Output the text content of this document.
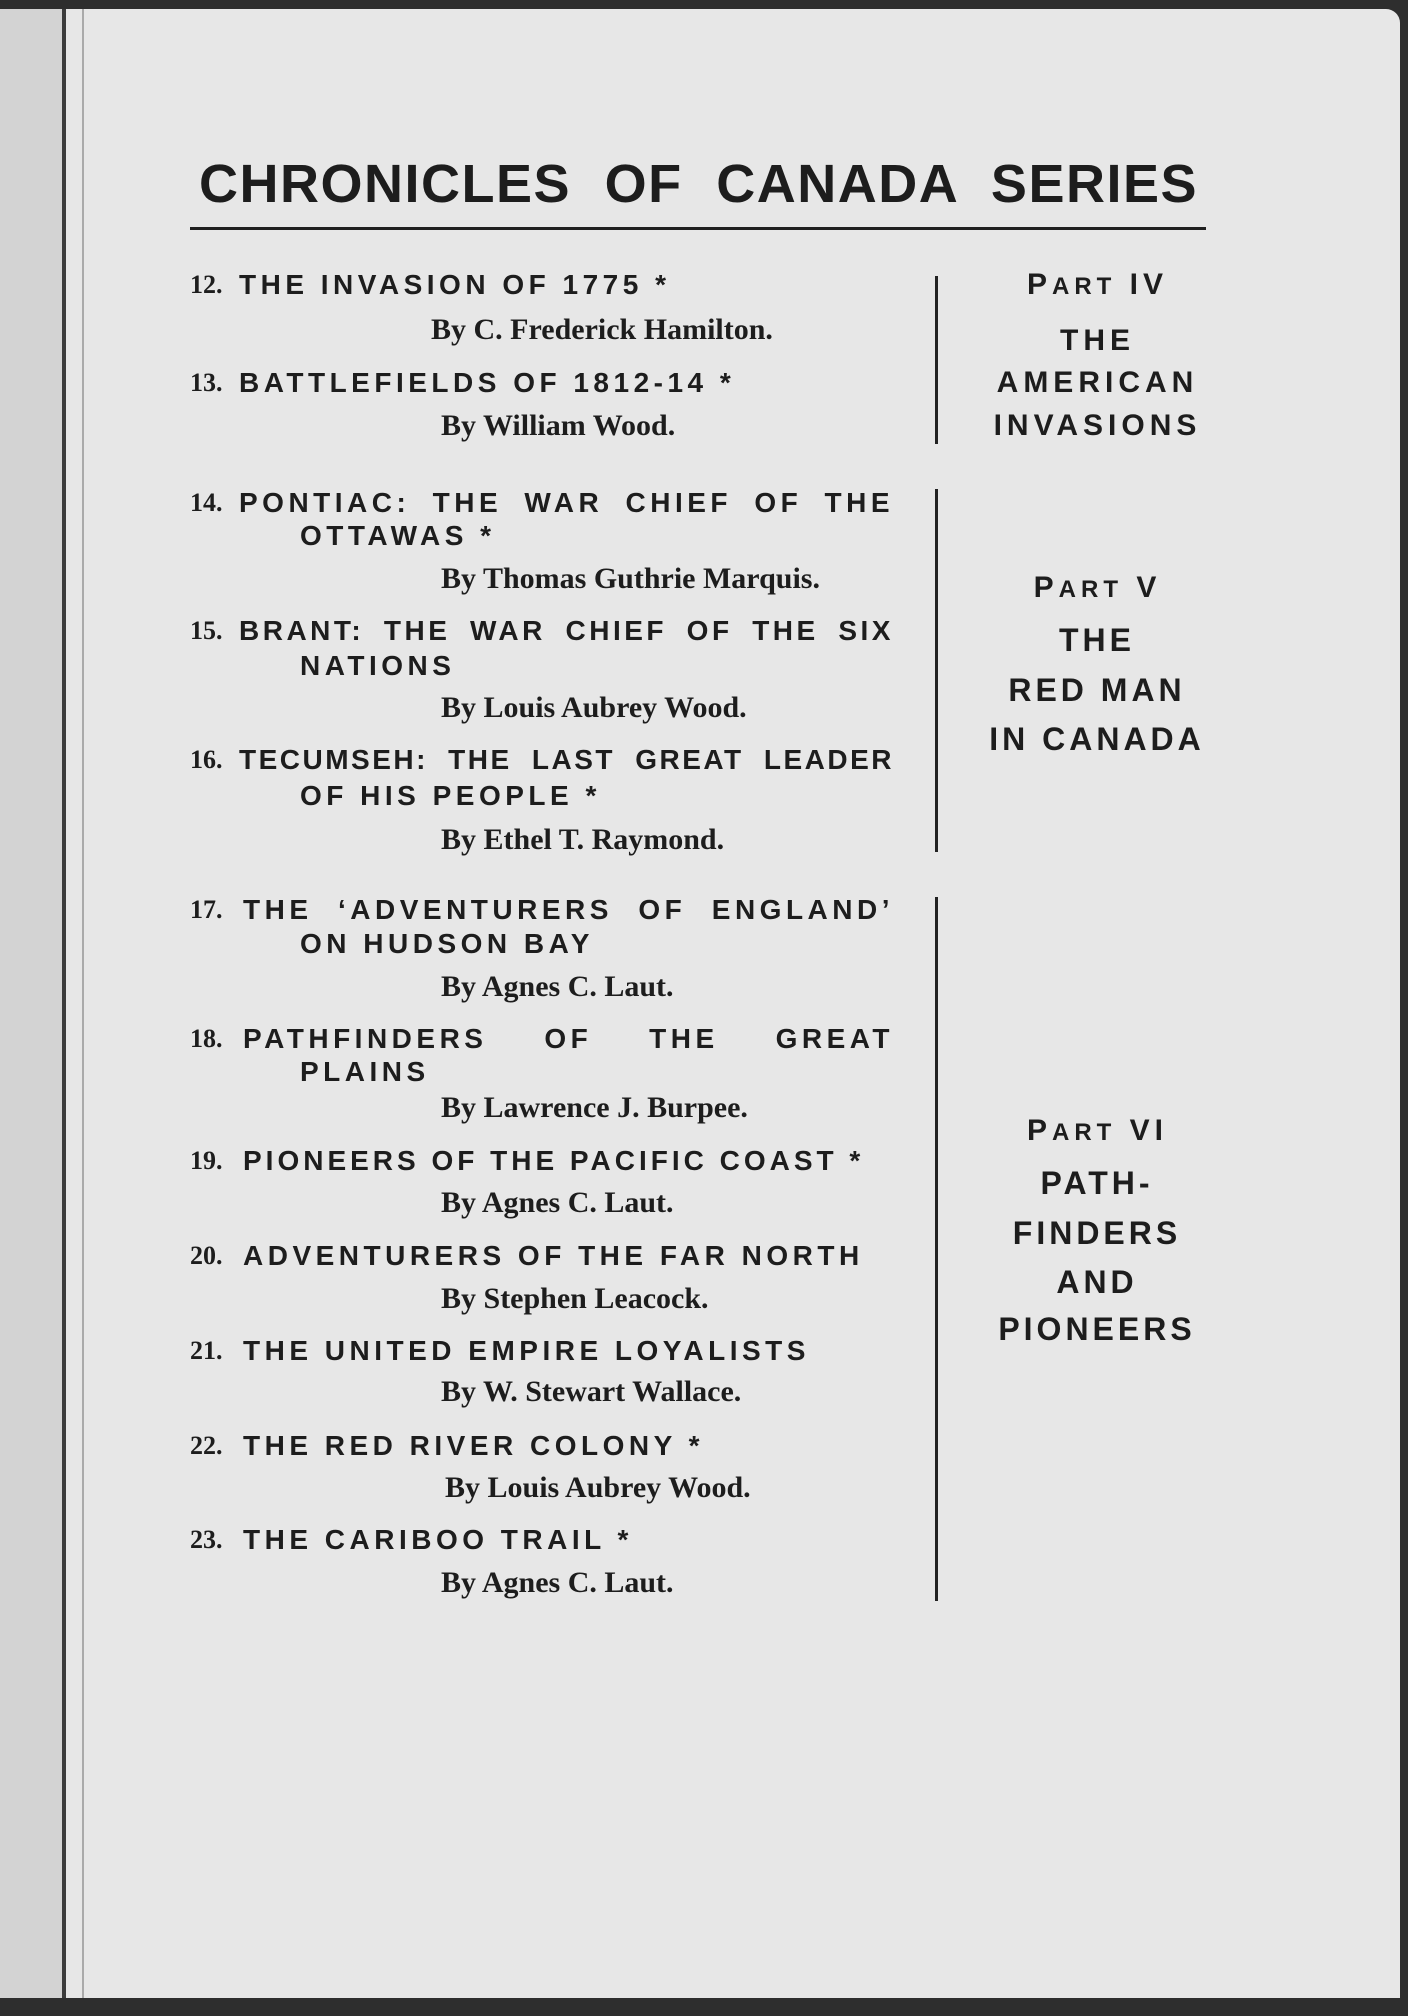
CHRONICLES OF CANADA SERIES
12. THE INVASION OF 1775 *
By C. Frederick Hamilton.
13. BATTLEFIELDS OF 1812-14 *
By William Wood.
14. PONTIAC: THE WAR CHIEF OF THE
OTTAWAS *
By Thomas Guthrie Marquis.
15. BRANT: THE WAR CHIEF OF THE SIX
NATIONS
By Louis Aubrey Wood.
16. TECUMSEH: THE LAST GREAT LEADER
OF HIS PEOPLE *
By Ethel T. Raymond.
17. THE ‘ADVENTURERS OF ENGLAND’
ON HUDSON BAY
By Agnes C. Laut.
18. PATHFINDERS OF THE GREAT
PLAINS
By Lawrence J. Burpee.
19. PIONEERS OF THE PACIFIC COAST *
By Agnes C. Laut.
20. ADVENTURERS OF THE FAR NORTH
By Stephen Leacock.
21. THE UNITED EMPIRE LOYALISTS
By W. Stewart Wallace.
22. THE RED RIVER COLONY *
By Louis Aubrey Wood.
23. THE CARIBOO TRAIL *
By Agnes C. Laut.
PART IV
THE
AMERICAN
INVASIONS
PART V
THE
RED MAN
IN CANADA
PART VI
PATH-
FINDERS
AND
PIONEERS
